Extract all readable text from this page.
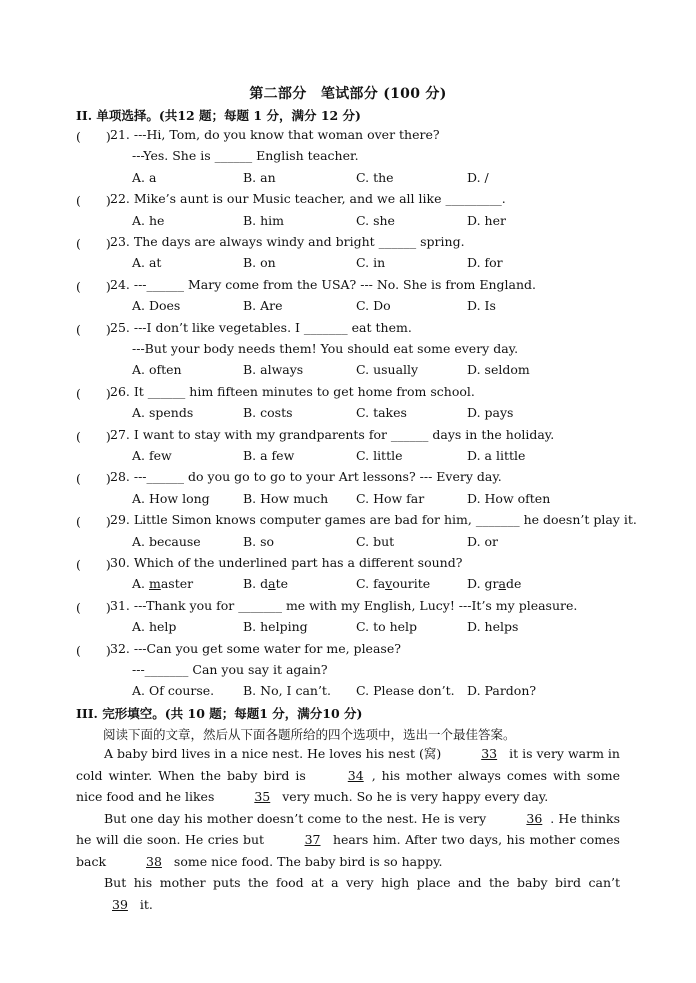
第二部分　笔试部分 (100 分)
II. 单项选择。(共12 题；每题 1 分，满分 12 分)
(　　) 21. ---Hi, Tom, do you know that woman over there?
---Yes. She is ______ English teacher.
A. a	B. an	C. the	D. /
(　　) 22. Mike’s aunt is our Music teacher, and we all like _________.
A. he	B. him	C. she	D. her
(　　) 23. The days are always windy and bright ______ spring.
A. at	B. on	C. in	D. for
(　　) 24. ---______ Mary come from the USA? --- No. She is from England.
A. Does	B. Are	C. Do	D. Is
(　　) 25. ---I don’t like vegetables. I _______ eat them.
---But your body needs them! You should eat some every day.
A. often	B. always	C. usually	D. seldom
(　　) 26. It ______ him fifteen minutes to get home from school.
A. spends	B. costs	C. takes	D. pays
(　　) 27. I want to stay with my grandparents for ______ days in the holiday.
A. few	B. a few	C. little	D. a little
(　　) 28. ---______ do you go to go to your Art lessons? --- Every day.
A. How long	B. How much C. How far	D. How often
(　　) 29. Little Simon knows computer games are bad for him, _______ he doesn’t play it.
A. because	B. so	C. but	D. or
(　　) 30. Which of the underlined part has a different sound?
A. master	B. date	C. favourite	D. grade
(　　) 31. ---Thank you for _______ me with my English, Lucy! ---It’s my pleasure.
A. help	B. helping	C. to help	D. helps
(　　) 32. ---Can you get some water for me, please?
---_______ Can you say it again?
A. Of course. B. No, I can’t. C. Please don’t. D. Pardon?
III. 完形填空。(共 10 题；每题1 分，满分10 分)
阅读下面的文章，然后从下面各题所给的四个选项中，选出一个最佳答案。

A baby bird lives in a nice nest. He loves his nest (窝)	33 it is very warm in cold winter. When the baby bird is	34 , his mother always comes with some nice food and he likes	35 very much. So he is very happy every day.

But one day his mother doesn’t come to the nest. He is very	36 . He thinks he will die soon. He cries but	37 hears him. After two days, his mother comes back	38 some nice food. The baby bird is so happy.

But his mother puts the food at a very high place and the baby bird can’t 39 it.
